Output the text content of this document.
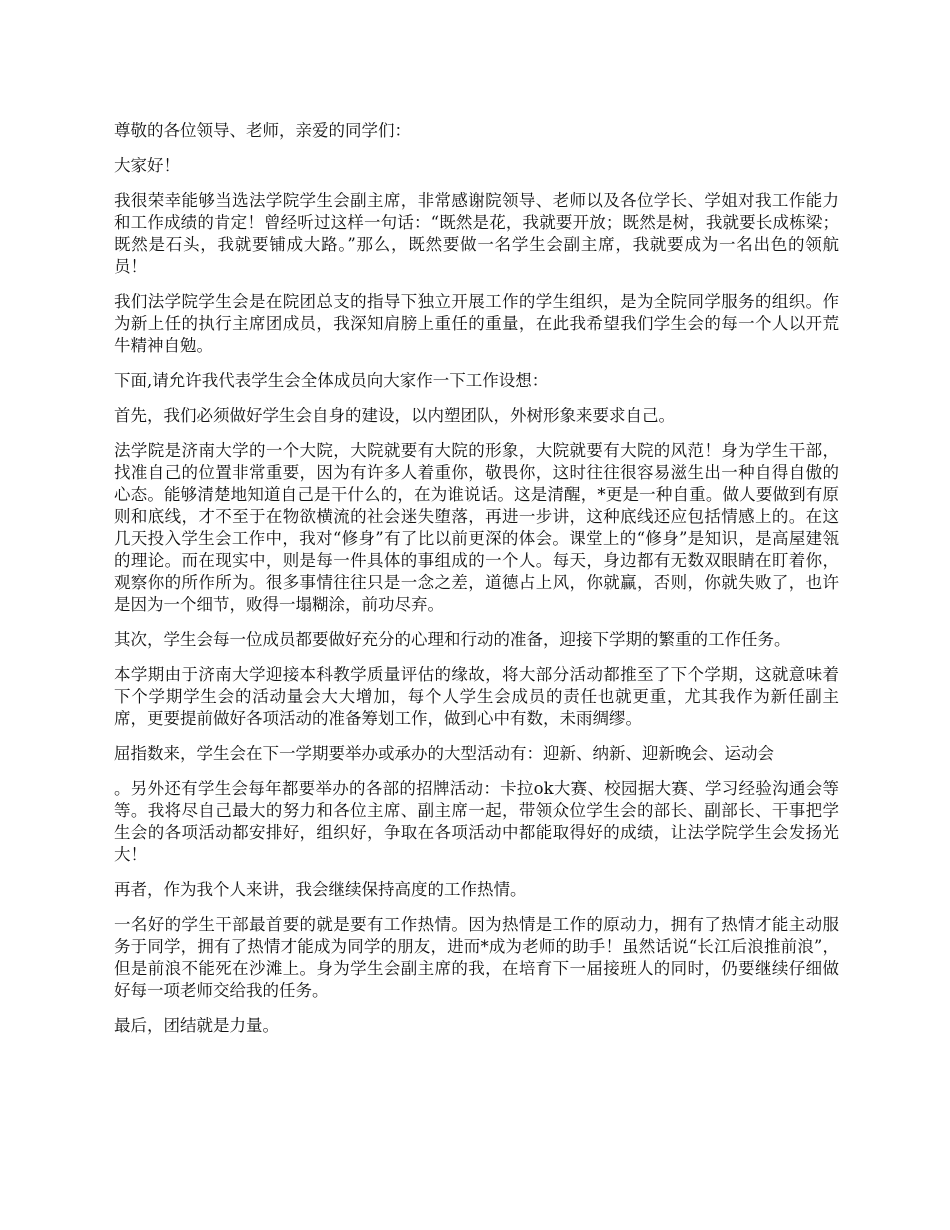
尊敬的各位领导、老师，亲爱的同学们：

大家好！

我很荣幸能够当选法学院学生会副主席，非常感谢院领导、老师以及各位学长、学姐对我工作能力和工作成绩的肯定！曾经听过这样一句话：“既然是花，我就要开放；既然是树，我就要长成栋梁；既然是石头，我就要铺成大路。”那么，既然要做一名学生会副主席，我就要成为一名出色的领航员！

我们法学院学生会是在院团总支的指导下独立开展工作的学生组织，是为全院同学服务的组织。作为新上任的执行主席团成员，我深知肩膀上重任的重量，在此我希望我们学生会的每一个人以开荒牛精神自勉。

下面,请允许我代表学生会全体成员向大家作一下工作设想：

首先，我们必须做好学生会自身的建设，以内塑团队，外树形象来要求自己。

法学院是济南大学的一个大院，大院就要有大院的形象，大院就要有大院的风范！身为学生干部，找准自己的位置非常重要，因为有许多人着重你，敬畏你，这时往往很容易滋生出一种自得自傲的心态。能够清楚地知道自己是干什么的，在为谁说话。这是清醒，*更是一种自重。做人要做到有原则和底线，才不至于在物欲横流的社会迷失堕落，再进一步讲，这种底线还应包括情感上的。在这几天投入学生会工作中，我对“修身”有了比以前更深的体会。课堂上的“修身”是知识，是高屋建瓴的理论。而在现实中，则是每一件具体的事组成的一个人。每天，身边都有无数双眼睛在盯着你，观察你的所作所为。很多事情往往只是一念之差，道德占上风，你就赢，否则，你就失败了，也许是因为一个细节，败得一塌糊涂，前功尽弃。

其次，学生会每一位成员都要做好充分的心理和行动的准备，迎接下学期的繁重的工作任务。

本学期由于济南大学迎接本科教学质量评估的缘故，将大部分活动都推至了下个学期，这就意味着下个学期学生会的活动量会大大增加，每个人学生会成员的责任也就更重，尤其我作为新任副主席，更要提前做好各项活动的准备筹划工作，做到心中有数，未雨绸缪。

屈指数来，学生会在下一学期要举办或承办的大型活动有：迎新、纳新、迎新晚会、运动会

。另外还有学生会每年都要举办的各部的招牌活动：卡拉ok大赛、校园据大赛、学习经验沟通会等等。我将尽自己最大的努力和各位主席、副主席一起，带领众位学生会的部长、副部长、干事把学生会的各项活动都安排好，组织好，争取在各项活动中都能取得好的成绩，让法学院学生会发扬光大！

再者，作为我个人来讲，我会继续保持高度的工作热情。

一名好的学生干部最首要的就是要有工作热情。因为热情是工作的原动力，拥有了热情才能主动服务于同学，拥有了热情才能成为同学的朋友，进而*成为老师的助手！虽然话说“长江后浪推前浪”，但是前浪不能死在沙滩上。身为学生会副主席的我，在培育下一届接班人的同时，仍要继续仔细做好每一项老师交给我的任务。

最后，团结就是力量。
